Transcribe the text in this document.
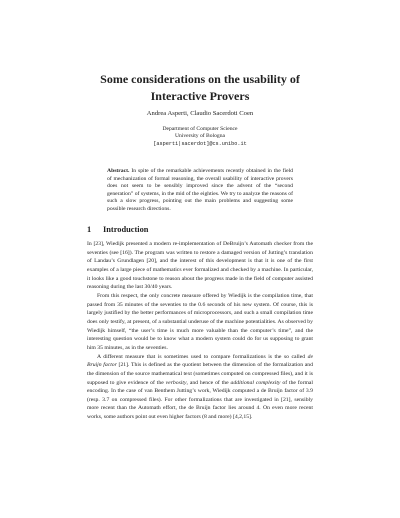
Some considerations on the usability of
Interactive Provers
Andrea Asperti, Claudio Sacerdoti Coen
Department of Computer Science
University of Bologna
[asperti|sacerdot]@cs.unibo.it
Abstract. In spite of the remarkable achievements recently obtained in the field of mechanization of formal reasoning, the overall usability of interactive provers does not seem to be sensibly improved since the advent of the “second generation” of systems, in the mid of the eighties. We try to analyze the reasons of such a slow progress, pointing out the main problems and suggesting some possible research directions.
1 Introduction

In [23], Wiedijk presented a modern re-implementation of DeBruijn’s Automath checker from the seventies (see [16]). The program was written to restore a damaged version of Jutting’s translation of Landau’s Grundlagen [20], and the interest of this development is that it is one of the first examples of a large piece of mathematics ever formalized and checked by a machine. In particular, it looks like a good touchstone to reason about the progress made in the field of computer assisted reasoning during the last 30/40 years.

From this respect, the only concrete measure offered by Wiedijk is the compilation time, that passed from 35 minutes of the seventies to the 0.6 seconds of his new system. Of course, this is largely justified by the better performances of microprocessors, and such a small compilation time does only testify, at present, of a substantial underuse of the machine potentialities. As observed by Wiedijk himself, “the user’s time is much more valuable than the computer’s time”, and the interesting question would be to know what a modern system could do for us supposing to grant him 35 minutes, as in the seventies.

A different measure that is sometimes used to compare formalizations is the so called de Bruijn factor [21]. This is defined as the quotient between the dimension of the formalization and the dimension of the source mathematical text (sometimes computed on compressed files), and it is supposed to give evidence of the verbosity, and hence of the additional complexity of the formal encoding. In the case of van Benthem Jutting’s work, Wiedijk computed a de Bruijn factor of 3.9 (resp. 3.7 on compressed files). For other formalizations that are investigated in [21], sensibly more recent than the Automath effort, the de Bruijn factor lies around 4. On even more recent works, some authors point out even higher factors (8 and more) [4,2,15].
